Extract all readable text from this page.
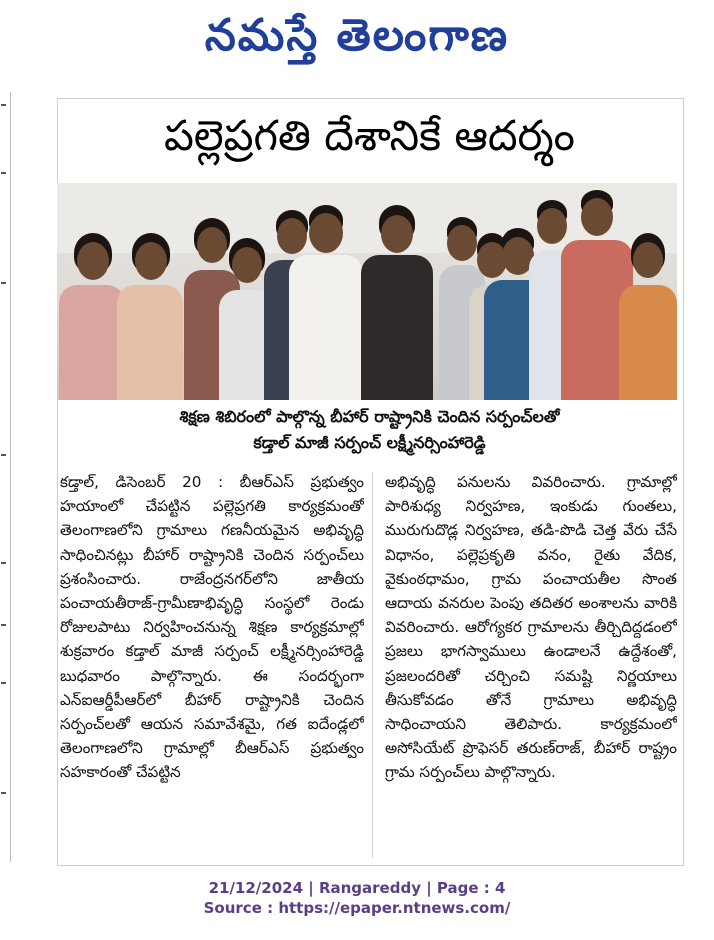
నమస్తే తెలంగాణ
పల్లెప్రగతి దేశానికే ఆదర్శం
శిక్షణ శిబిరంలో పాల్గొన్న బీహార్ రాష్ట్రానికి చెందిన సర్పంచ్‌లతో
కడ్తాల్ మాజీ సర్పంచ్ లక్ష్మీనర్సింహారెడ్డి

కడ్తాల్, డిసెంబర్ 20 : బీఆర్ఎస్ ప్రభుత్వం హయాంలో చేపట్టిన పల్లెప్రగతి కార్యక్రమంతో తెలంగాణలోని గ్రామాలు గణనీయమైన అభివృద్ధి సాధించినట్లు బీహార్ రాష్ట్రానికి చెందిన సర్పంచ్‌లు ప్రశంసించారు. రాజేంద్రనగర్‌లోని జాతీయ పంచాయతీరాజ్-గ్రామీణాభివృద్ధి సంస్థలో రెండు రోజులపాటు నిర్వహించనున్న శిక్షణ కార్యక్రమాల్లో శుక్రవారం కడ్తాల్ మాజీ సర్పంచ్ లక్ష్మీనర్సింహారెడ్డి బుధవారం పాల్గొన్నారు. ఈ సందర్భంగా ఎన్ఐఆర్డీపీఆర్‌లో బీహార్ రాష్ట్రానికి చెందిన సర్పంచ్‌లతో ఆయన సమావేశమై, గత ఐదేండ్లలో తెలంగాణలోని గ్రామాల్లో బీఆర్ఎస్ ప్రభుత్వం సహకారంతో చేపట్టిన

అభివృద్ధి పనులను వివరించారు. గ్రామాల్లో పారిశుధ్య నిర్వహణ, ఇంకుడు గుంతలు, మురుగుదొడ్ల నిర్వహణ, తడి-పొడి చెత్త వేరు చేసే విధానం, పల్లెప్రకృతి వనం, రైతు వేదిక, వైకుంఠధామం, గ్రామ పంచాయతీల సొంత ఆదాయ వనరుల పెంపు తదితర అంశాలను వారికి వివరించారు. ఆరోగ్యకర గ్రామాలను తీర్చిదిద్దడంలో ప్రజలు భాగస్వాములు ఉండాలనే ఉద్దేశంతో, ప్రజలందరితో చర్చించి సమష్టి నిర్ణయాలు తీసుకోవడం తోనే గ్రామాలు అభివృద్ధి సాధించాయని తెలిపారు. కార్యక్రమంలో అసోసియేట్ ప్రొఫెసర్ తరుణ్‌రాజ్, బీహార్ రాష్ట్రం గ్రామ సర్పంచ్‌లు పాల్గొన్నారు.

21/12/2024 | Rangareddy | Page : 4
Source : https://epaper.ntnews.com/
